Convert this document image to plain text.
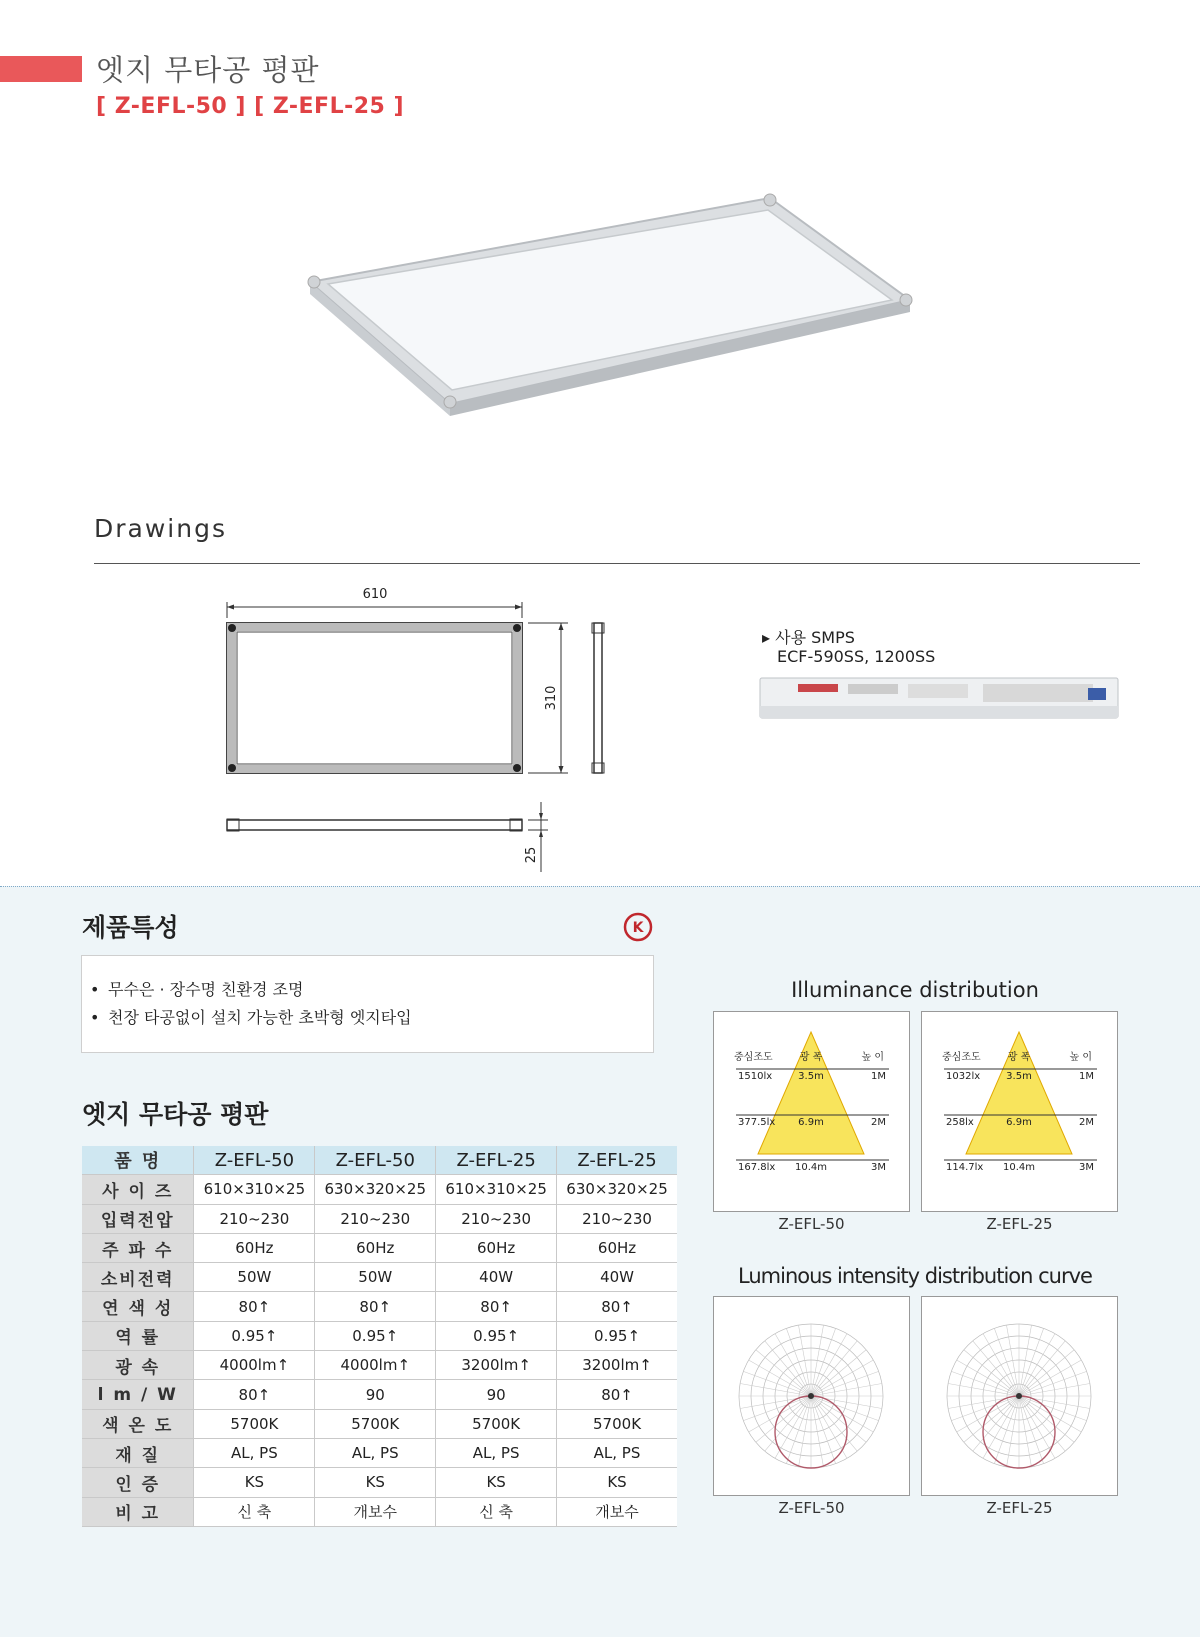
엣지 무타공 평판
[ Z-EFL-50 ] [ Z-EFL-25 ]
Drawings
610
310
25
▸ 사용 SMPS
ECF-590SS, 1200SS
제품특성	K
• 무수은 · 장수명 친환경 조명
• 천장 타공없이 설치 가능한 초박형 엣지타입
엣지 무타공 평판
품 명	Z-EFL-50	Z-EFL-50	Z-EFL-25	Z-EFL-25
사 이 즈	610×310×25	630×320×25	610×310×25	630×320×25
입력전압	210~230	210~230	210~230	210~230
주 파 수	60Hz	60Hz	60Hz	60Hz
소비전력	50W	50W	40W	40W
연 색 성	80↑	80↑	80↑	80↑
역 률	0.95↑	0.95↑	0.95↑	0.95↑
광 속	4000lm↑	4000lm↑	3200lm↑	3200lm↑
l m / W	80↑	90	90	80↑
색 온 도	5700K	5700K	5700K	5700K
재 질	AL, PS	AL, PS	AL, PS	AL, PS
인 증	KS	KS	KS	KS
비 고	신 축	개보수	신 축	개보수
Illuminance distribution
중심조도	광 폭	높 이
1510lx	3.5m	1M
377.5lx 6.9m	2M
167.8lx 10.4m	3M
중심조도	광 폭	높 이
1032lx	3.5m	1M
258lx	6.9m	2M
114.7lx 10.4m	3M
Z-EFL-50	Z-EFL-25
Luminous intensity distribution curve
Z-EFL-50	Z-EFL-25
